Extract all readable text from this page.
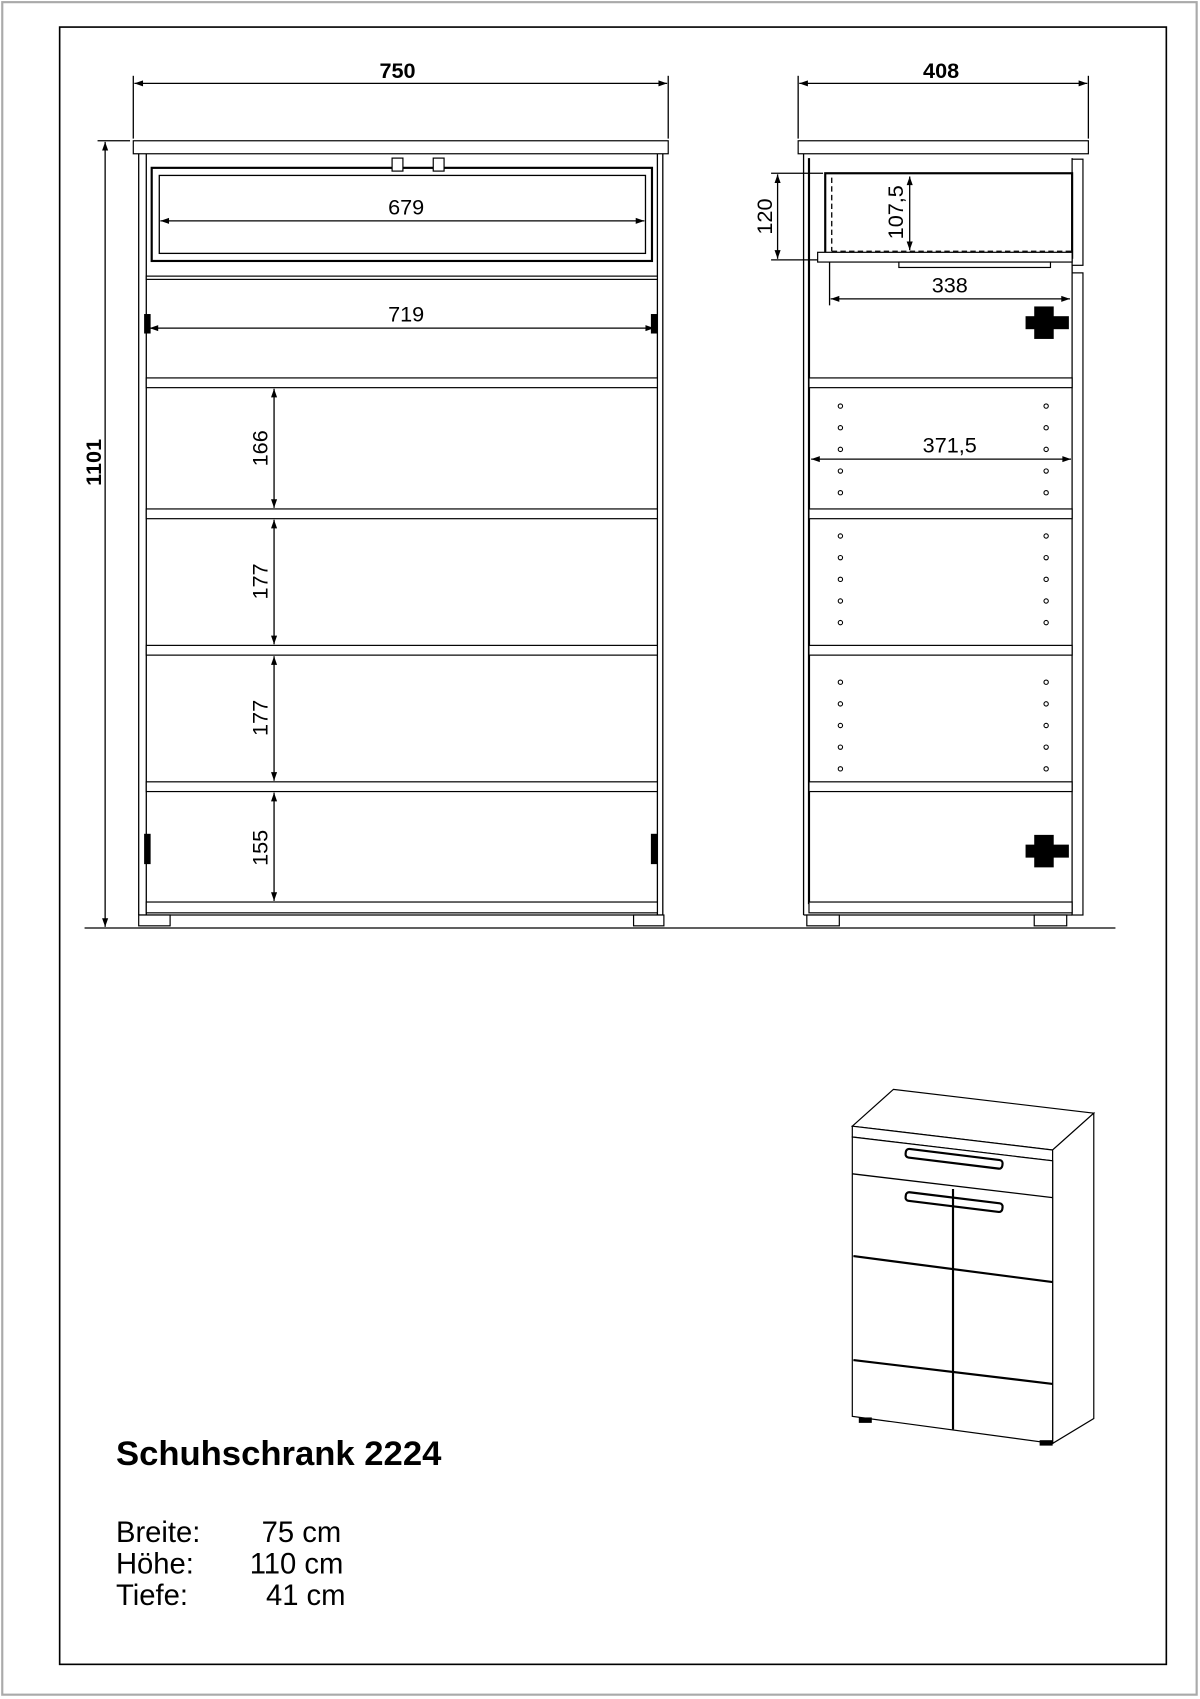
750
1101
679
719
166
177
177
155
408
120	107,5
338
371,5
Schuhschrank 2224
Breite: 75 cm
Höhe: 110 cm
Tiefe:	41 cm
